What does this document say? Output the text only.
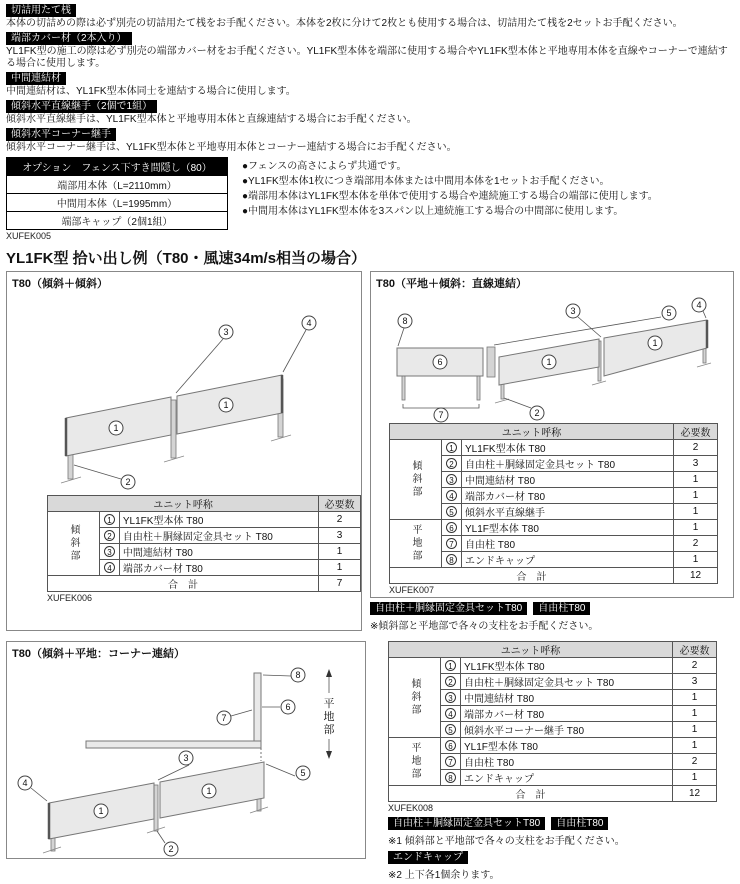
切詰用たて桟

本体の切詰めの際は必ず別売の切詰用たて桟をお手配ください。本体を2枚に分けて2枚とも使用する場合は、切詰用たて桟を2セットお手配ください。

端部カバー材（2本入り）

YL1FK型の施工の際は必ず別売の端部カバー材をお手配ください。YL1FK型本体を端部に使用する場合やYL1FK型本体と平地専用本体を直線やコーナーで連結する場合に使用します。

中間連結材

中間連結材は、YL1FK型本体同士を連結する場合に使用します。

傾斜水平直線継手（2個で1組）

傾斜水平直線継手は、YL1FK型本体と平地専用本体と直線連結する場合にお手配ください。

傾斜水平コーナー継手

傾斜水平コーナー継手は、YL1FK型本体と平地専用本体とコーナー連結する場合にお手配ください。

オプション　フェンス下すき間隠し（80）
端部用本体（L=2110mm）
中間用本体（L=1995mm）
端部キャップ（2個1組）
XUFEK005
●フェンスの高さによらず共通です。
●YL1FK型本体1枚につき端部用本体または中間用本体を1セットお手配ください。
●端部用本体はYL1FK型本体を単体で使用する場合や連続施工する場合の端部に使用します。
●中間用本体はYL1FK型本体を3スパン以上連続施工する場合の中間部に使用します。
YL1FK型 拾い出し例（T80・風速34m/s相当の場合）
T80（傾斜＋傾斜）
3
4
1
1
2
ユニット呼称			必要数
傾斜部	1	YL1FK型本体 T80	2
	2	自由柱＋胴縁固定金具セット T80	3
	3	中間連結材 T80	1
	4	端部カバー材 T80	1
合　計			7
XUFEK006
T80（平地＋傾斜：直線連結）
8
6
7	2
1
1
3
4
5
ユニット呼称			必要数
傾斜部	1	YL1FK型本体 T80	2
	2	自由柱＋胴縁固定金具セット T80	3
	3	中間連結材 T80	1
	4	端部カバー材 T80	1
	5	傾斜水平直線継手	1
平地部	6	YL1F型本体 T80	1
	7	自由柱 T80	2
	8	エンドキャップ	1
合　計			12
XUFEK007
自由柱＋胴縁固定金具セットT80 自由柱T80

※傾斜部と平地部で各々の支柱をお手配ください。

T80（傾斜＋平地：コーナー連結）
平
地
部
8
6
7
4
1
1
2
3
5
ユニット呼称			必要数
傾斜部	1	YL1FK型本体 T80	2
	2	自由柱＋胴縁固定金具セット T80	3
	3	中間連結材 T80	1
	4	端部カバー材 T80	1
	5	傾斜水平コーナー継手 T80	1
平地部	6	YL1F型本体 T80	1
	7	自由柱 T80	2
	8	エンドキャップ	1
合　計			12
XUFEK008
自由柱＋胴縁固定金具セットT80 自由柱T80

※1 傾斜部と平地部で各々の支柱をお手配ください。

エンドキャップ

※2 上下各1個余ります。
